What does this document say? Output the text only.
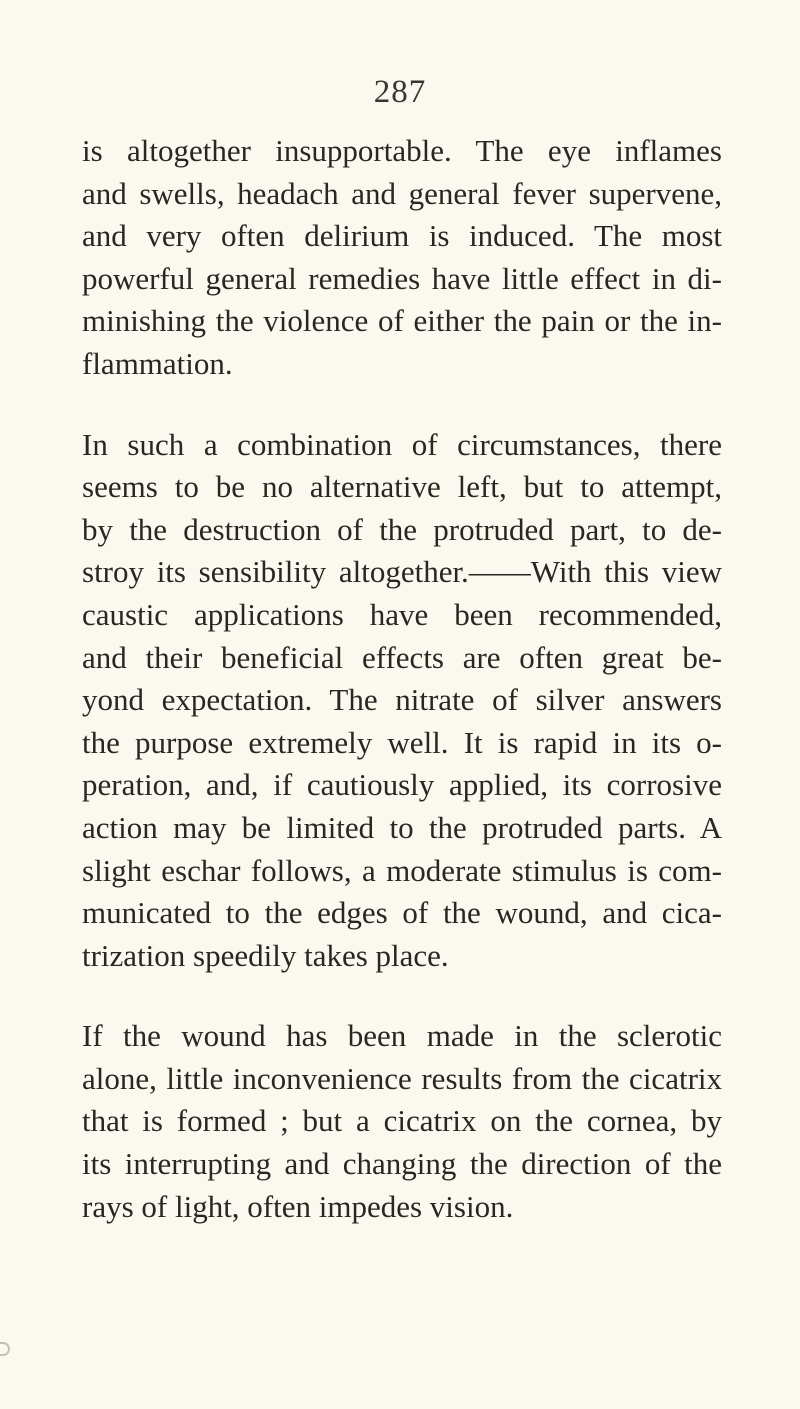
287
is altogether insupportable. The eye inflames
and swells, headach and general fever supervene,
and very often delirium is induced. The most
powerful general remedies have little effect in di-
minishing the violence of either the pain or the in-
flammation.
In such a combination of circumstances, there
seems to be no alternative left, but to attempt,
by the destruction of the protruded part, to de-
stroy its sensibility altogether.——With this view
caustic applications have been recommended,
and their beneficial effects are often great be-
yond expectation. The nitrate of silver answers
the purpose extremely well. It is rapid in its o-
peration, and, if cautiously applied, its corrosive
action may be limited to the protruded parts. A
slight eschar follows, a moderate stimulus is com-
municated to the edges of the wound, and cica-
trization speedily takes place.
If the wound has been made in the sclerotic
alone, little inconvenience results from the cicatrix
that is formed ; but a cicatrix on the cornea, by
its interrupting and changing the direction of the
rays of light, often impedes vision.
